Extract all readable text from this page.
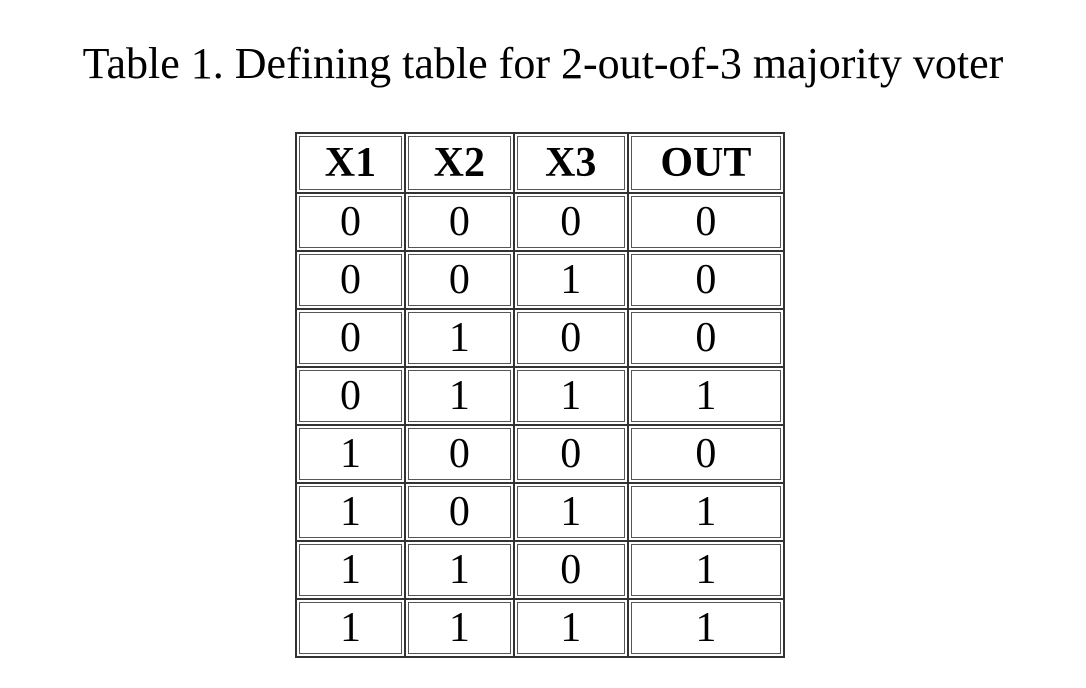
Table 1. Defining table for 2-out-of-3 majority voter
X1	X2	X3	OUT
0	0	0	0
0	0	1	0
0	1	0	0
0	1	1	1
1	0	0	0
1	0	1	1
1	1	0	1
1	1	1	1
